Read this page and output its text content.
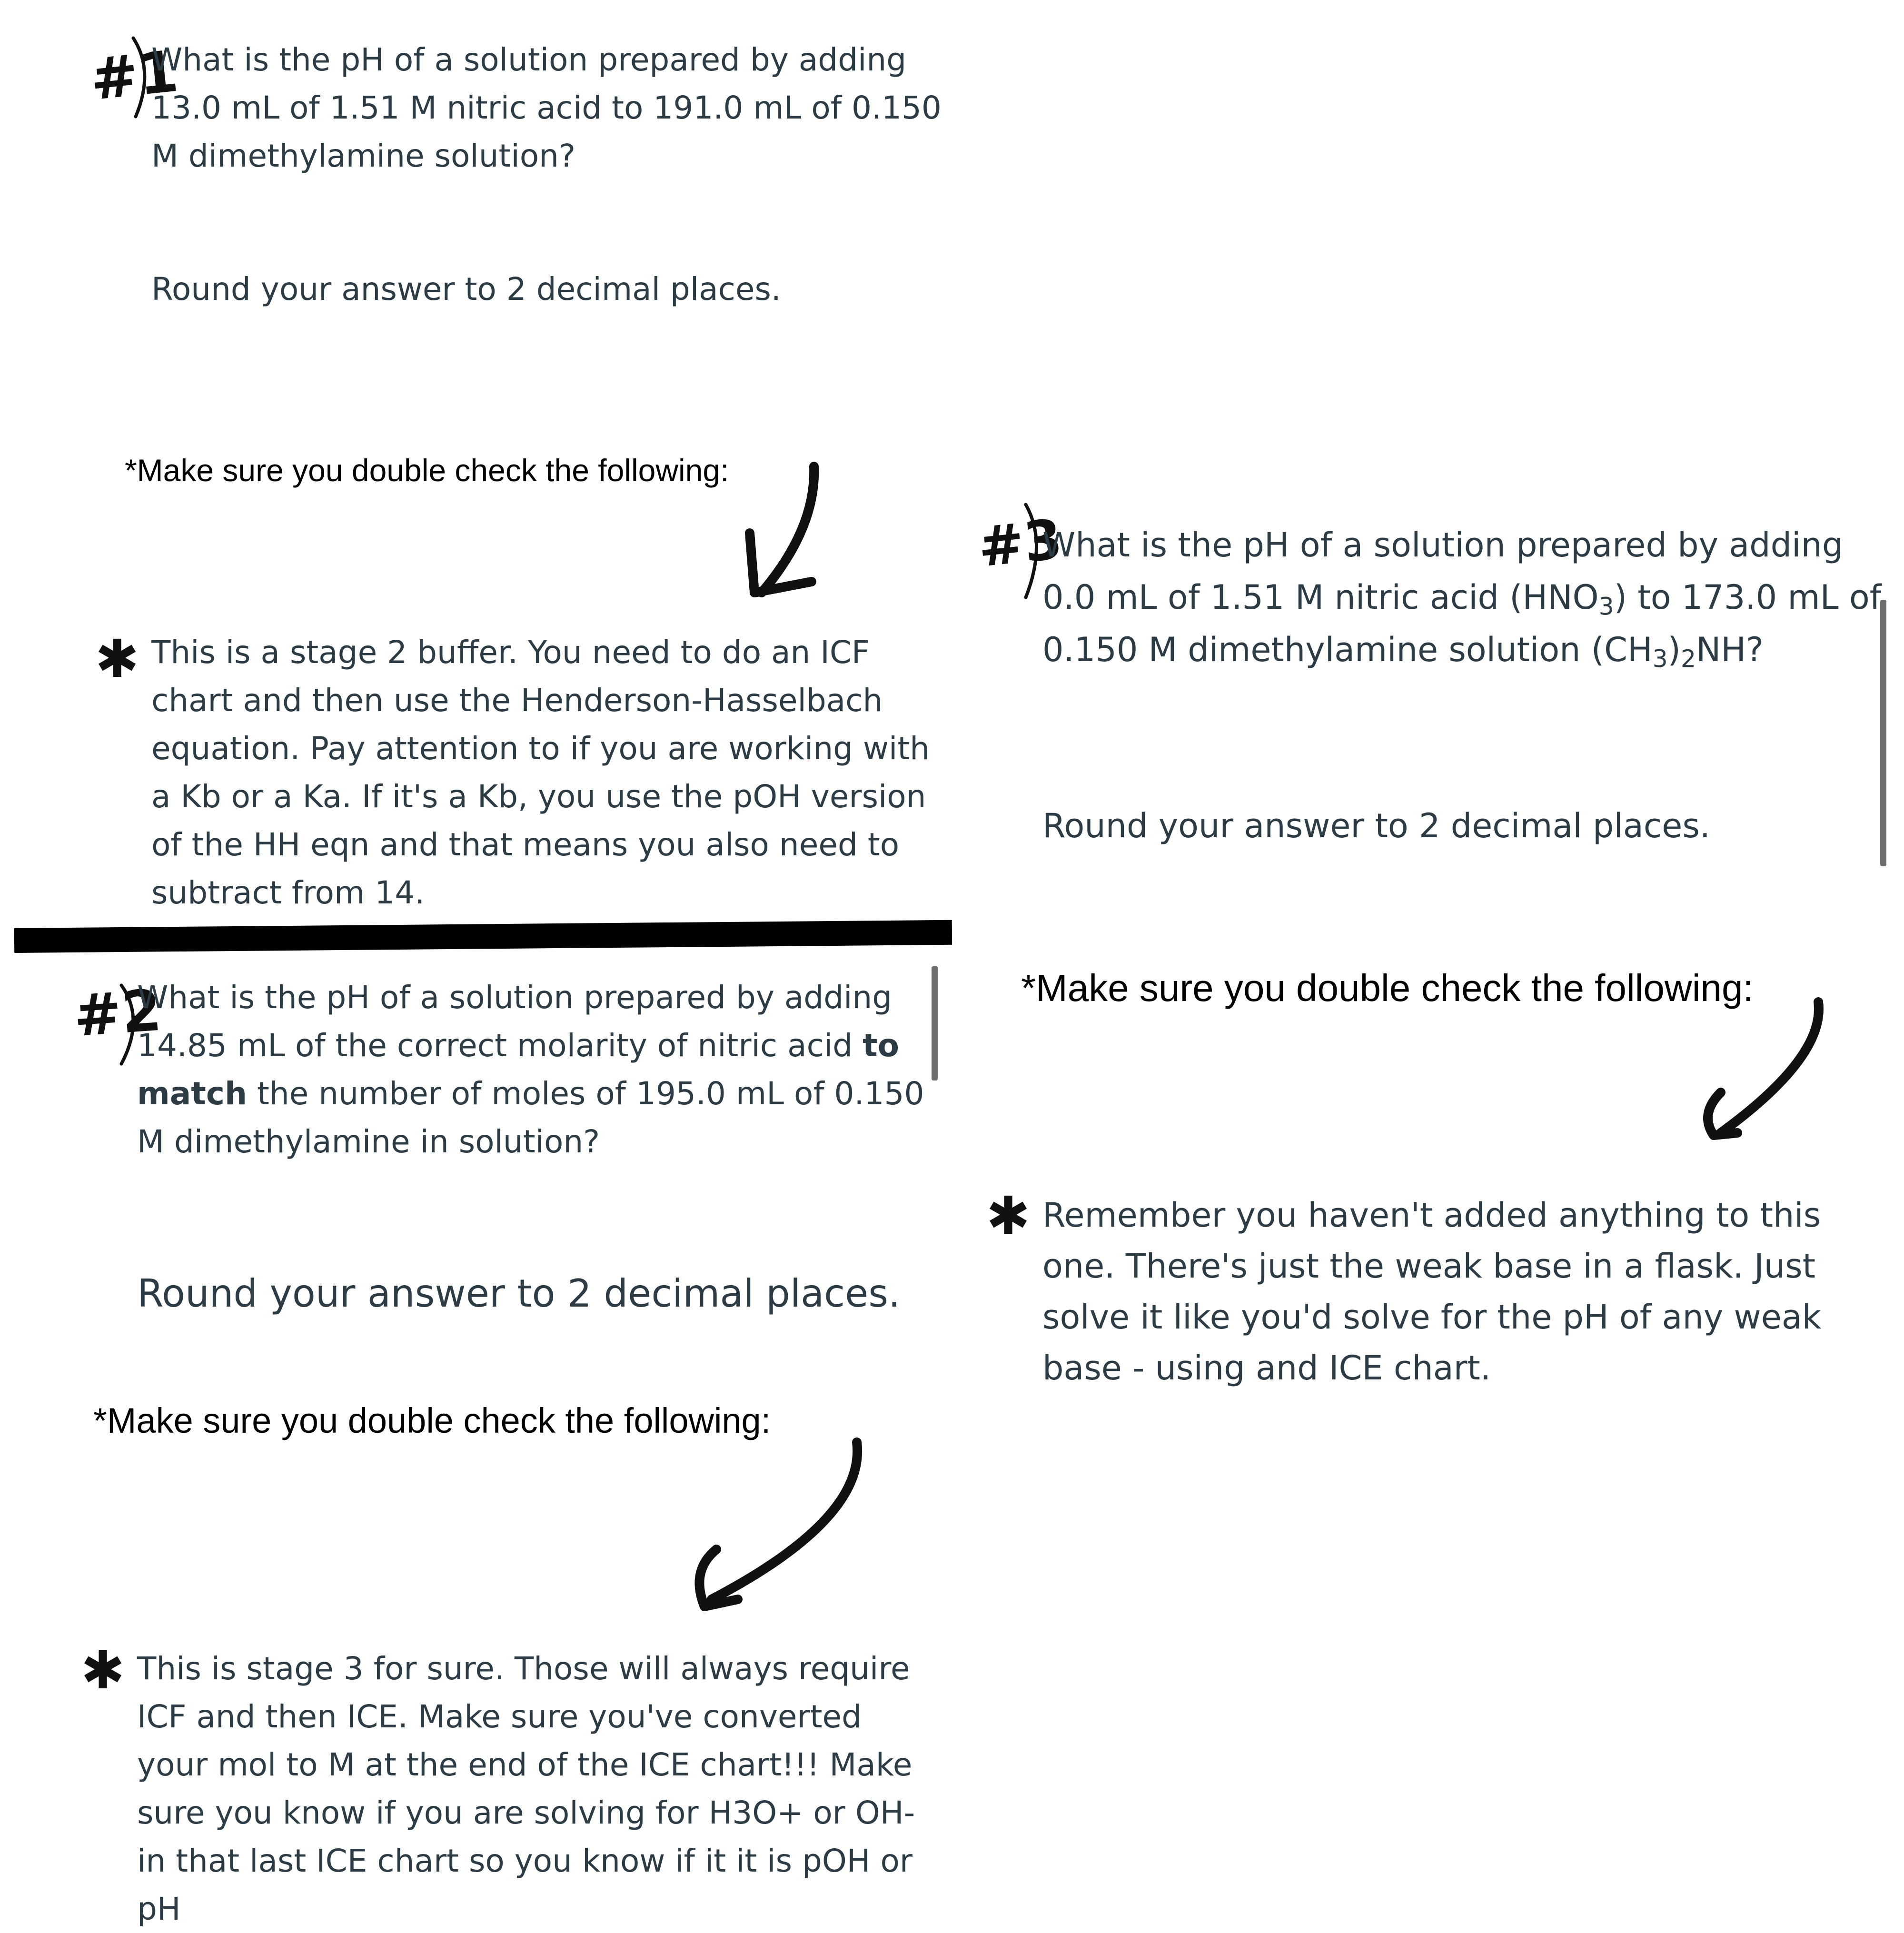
#1
What is the pH of a solution prepared by adding
13.0 mL of 1.51 M nitric acid to 191.0 mL of 0.150
M dimethylamine solution?
Round your answer to 2 decimal places.
*Make sure you double check the following:
✱ This is a stage 2 buffer. You need to do an ICF
chart and then use the Henderson-Hasselbach
equation. Pay attention to if you are working with
a Kb or a Ka. If it's a Kb, you use the pOH version
of the HH eqn and that means you also need to
subtract from 14.
#2
What is the pH of a solution prepared by adding
14.85 mL of the correct molarity of nitric acid to
match the number of moles of 195.0 mL of 0.150
M dimethylamine in solution?
Round your answer to 2 decimal places.
*Make sure you double check the following:
✱ This is stage 3 for sure. Those will always require
ICF and then ICE. Make sure you've converted
your mol to M at the end of the ICE chart!!! Make
sure you know if you are solving for H3O+ or OH-
in that last ICE chart so you know if it it is pOH or
pH
#3
What is the pH of a solution prepared by adding
0.0 mL of 1.51 M nitric acid $(HNO_3)$ to 173.0 mL of
0.150 M dimethylamine solution $(CH_3)_2NH$?
Round your answer to 2 decimal places.
*Make sure you double check the following:
✱ Remember you haven't added anything to this
one. There's just the weak base in a flask. Just
solve it like you'd solve for the pH of any weak
base - using and ICE chart.
